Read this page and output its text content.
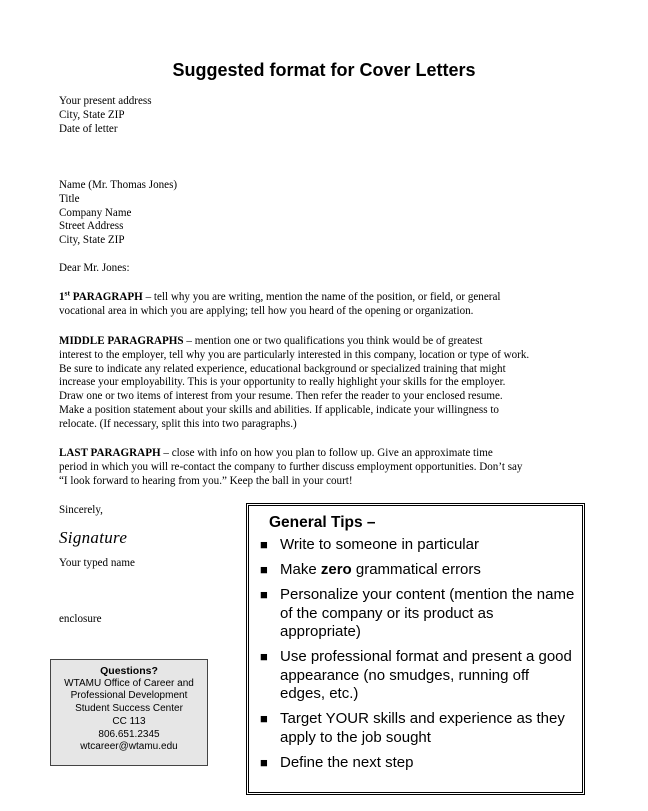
Suggested format for Cover Letters
Your present address
City, State ZIP
Date of letter
Name (Mr. Thomas Jones)
Title
Company Name
Street Address
City, State ZIP
Dear Mr. Jones:
1st PARAGRAPH – tell why you are writing, mention the name of the position, or field, or general
vocational area in which you are applying; tell how you heard of the opening or organization.
MIDDLE PARAGRAPHS – mention one or two qualifications you think would be of greatest
interest to the employer, tell why you are particularly interested in this company, location or type of work.
Be sure to indicate any related experience, educational background or specialized training that might
increase your employability. This is your opportunity to really highlight your skills for the employer.
Draw one or two items of interest from your resume. Then refer the reader to your enclosed resume.
Make a position statement about your skills and abilities. If applicable, indicate your willingness to
relocate. (If necessary, split this into two paragraphs.)
LAST PARAGRAPH – close with info on how you plan to follow up. Give an approximate time
period in which you will re-contact the company to further discuss employment opportunities. Don’t say
“I look forward to hearing from you.” Keep the ball in your court!
Sincerely,
Signature
Your typed name
enclosure
Questions?
WTAMU Office of Career and
Professional Development
Student Success Center
CC 113
806.651.2345
wtcareer@wtamu.edu
General Tips –
■ Write to someone in particular
■ Make zero grammatical errors
■ Personalize your content (mention the name of the company or its product as appropriate)
■ Use professional format and present a good appearance (no smudges, running off edges, etc.)
■ Target YOUR skills and experience as they apply to the job sought
■ Define the next step
